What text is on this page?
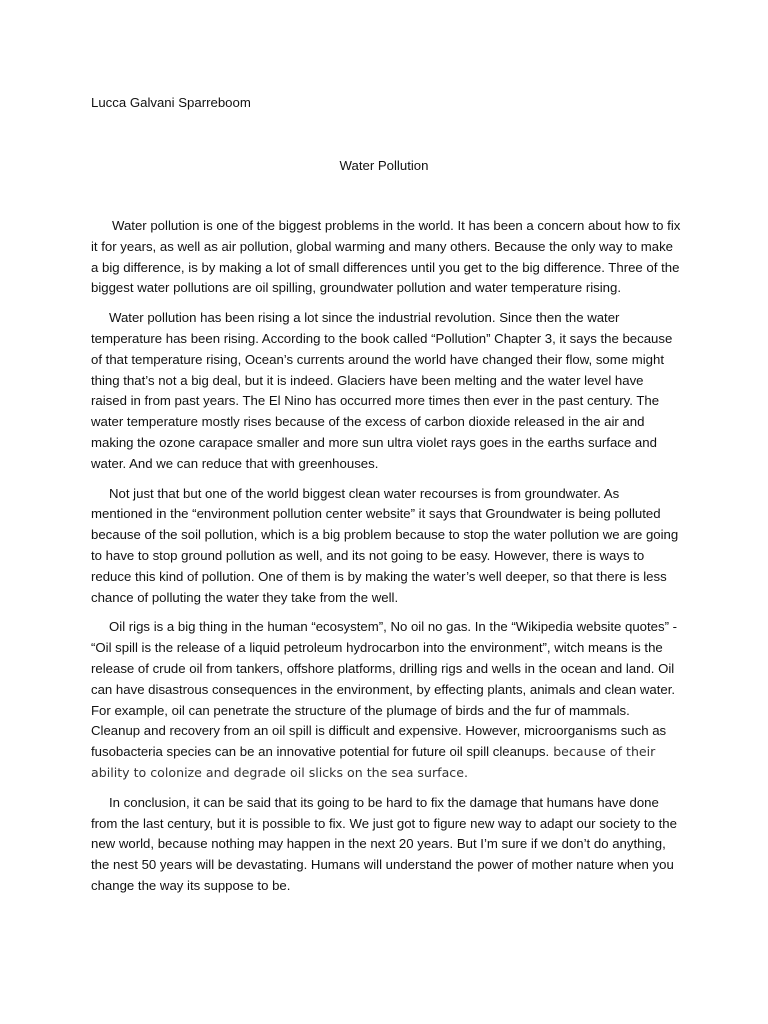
Lucca Galvani Sparreboom

Water Pollution

Water pollution is one of the biggest problems in the world. It has been a concern about how to fix it for years, as well as air pollution, global warming and many others. Because the only way to make a big difference, is by making a lot of small differences until you get to the big difference. Three of the biggest water pollutions are oil spilling, groundwater pollution and water temperature rising.

Water pollution has been rising a lot since the industrial revolution. Since then the water temperature has been rising. According to the book called “Pollution” Chapter 3, it says the because of that temperature rising, Ocean’s currents around the world have changed their flow, some might thing that’s not a big deal, but it is indeed. Glaciers have been melting and the water level have raised in from past years. The El Nino has occurred more times then ever in the past century. The water temperature mostly rises because of the excess of carbon dioxide released in the air and making the ozone carapace smaller and more sun ultra violet rays goes in the earths surface and water. And we can reduce that with greenhouses.

Not just that but one of the world biggest clean water recourses is from groundwater. As mentioned in the “environment pollution center website” it says that Groundwater is being polluted because of the soil pollution, which is a big problem because to stop the water pollution we are going to have to stop ground pollution as well, and its not going to be easy. However, there is ways to reduce this kind of pollution. One of them is by making the water’s well deeper, so that there is less chance of polluting the water they take from the well.

Oil rigs is a big thing in the human “ecosystem”, No oil no gas. In the “Wikipedia website quotes” - “Oil spill is the release of a liquid petroleum hydrocarbon into the environment”, witch means is the release of crude oil from tankers, offshore platforms, drilling rigs and wells in the ocean and land. Oil can have disastrous consequences in the environment, by effecting plants, animals and clean water. For example, oil can penetrate the structure of the plumage of birds and the fur of mammals. Cleanup and recovery from an oil spill is difficult and expensive. However, microorganisms such as fusobacteria species can be an innovative potential for future oil spill cleanups. because of their ability to colonize and degrade oil slicks on the sea surface.

In conclusion, it can be said that its going to be hard to fix the damage that humans have done from the last century, but it is possible to fix. We just got to figure new way to adapt our society to the new world, because nothing may happen in the next 20 years. But I’m sure if we don’t do anything, the nest 50 years will be devastating. Humans will understand the power of mother nature when you change the way its suppose to be.
